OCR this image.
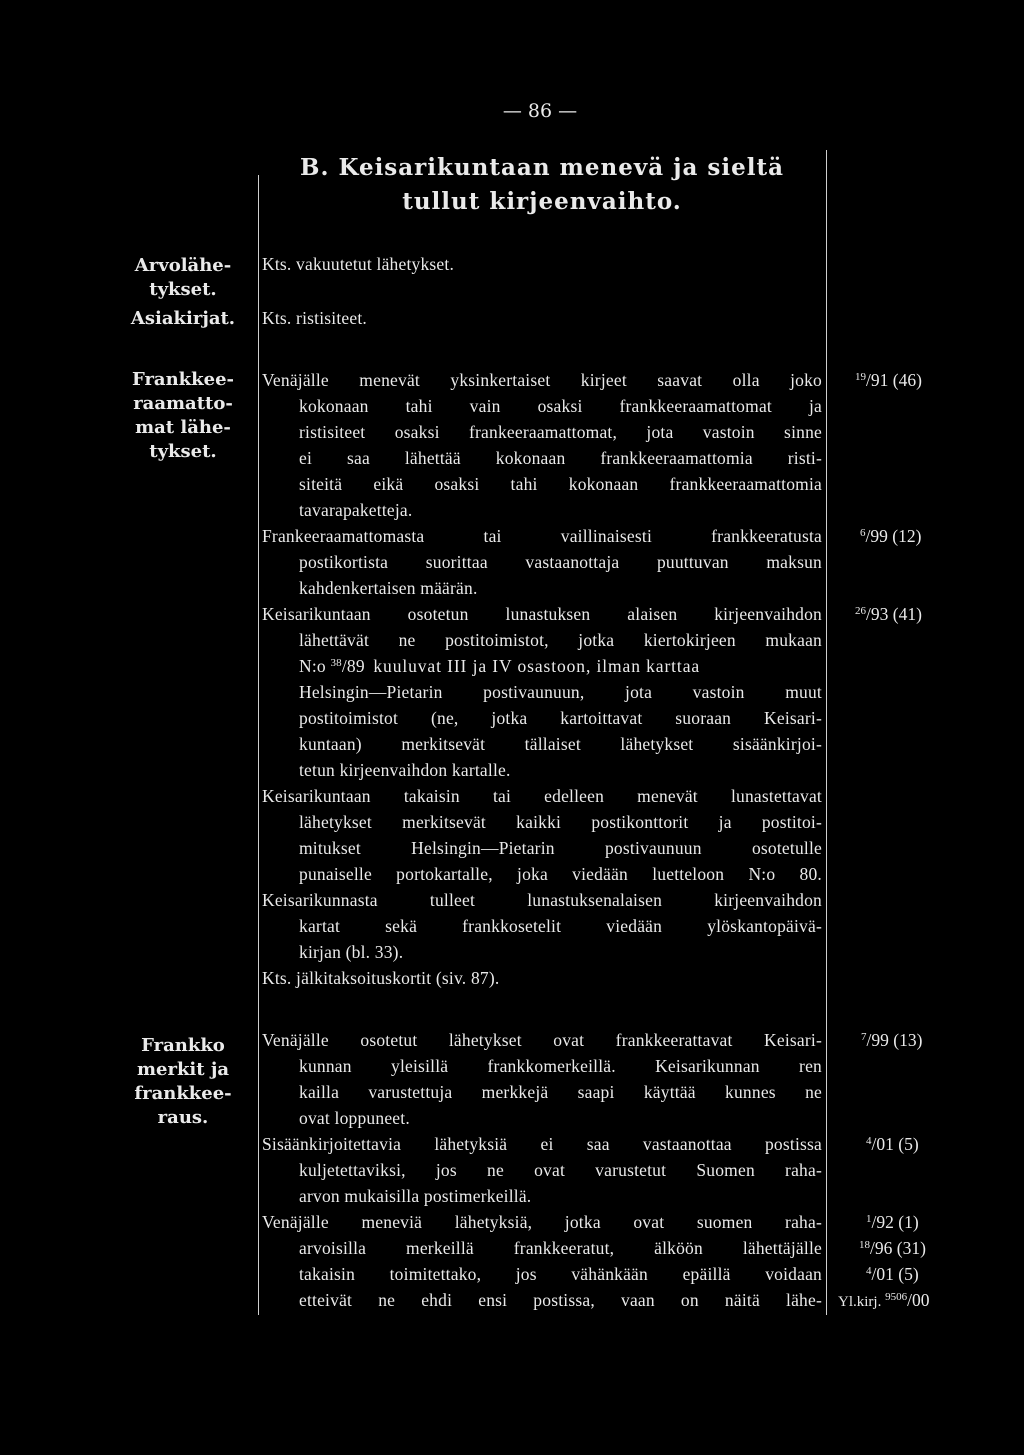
— 86 —
B. Keisarikuntaan menevä ja sieltä
tullut kirjeenvaihto.
Arvolähe-
tykset.
Asiakirjat.
Frankkee-
raamatto-
mat lähe-
tykset.
Frankko
merkit ja
frankkee-
raus.
Kts. vakuutetut lähetykset.
Kts. ristisiteet.
Venäjälle menevät yksinkertaiset kirjeet saavat olla joko
kokonaan tahi vain osaksi frankkeeraamattomat ja
ristisiteet osaksi frankeeraamattomat, jota vastoin sinne
ei saa lähettää kokonaan frankkeeraamattomia risti-
siteitä eikä osaksi tahi kokonaan frankkeeraamattomia
tavarapaketteja.
Frankeeraamattomasta tai vaillinaisesti frankkeeratusta
postikortista suorittaa vastaanottaja puuttuvan maksun
kahdenkertaisen määrän.
Keisarikuntaan osotetun lunastuksen alaisen kirjeenvaihdon
lähettävät ne postitoimistot, jotka kiertokirjeen mukaan
N:o $^{38}$/89 kuuluvat III ja IV osastoon, ilman karttaa
Helsingin—Pietarin postivaunuun, jota vastoin muut
postitoimistot (ne, jotka kartoittavat suoraan Keisari-
kuntaan) merkitsevät tällaiset lähetykset sisäänkirjoi-
tetun kirjeenvaihdon kartalle.
Keisarikuntaan takaisin tai edelleen menevät lunastettavat
lähetykset merkitsevät kaikki postikonttorit ja postitoi-
mitukset Helsingin—Pietarin postivaunuun osotetulle
punaiselle portokartalle, joka viedään luetteloon N:o 80.
Keisarikunnasta tulleet lunastuksenalaisen kirjeenvaihdon
kartat sekä frankkosetelit viedään ylöskantopäivä-
kirjan (bl. 33).
Kts. jälkitaksoituskortit (siv. 87).
Venäjälle osotetut lähetykset ovat frankkeerattavat Keisari-
kunnan yleisillä frankkomerkeillä. Keisarikunnan ren
kailla varustettuja merkkejä saapi käyttää kunnes ne
ovat loppuneet.
Sisäänkirjoitettavia lähetyksiä ei saa vastaanottaa postissa
kuljetettaviksi, jos ne ovat varustetut Suomen raha-
arvon mukaisilla postimerkeillä.
Venäjälle meneviä lähetyksiä, jotka ovat suomen raha-
arvoisilla merkeillä frankkeeratut, älköön lähettäjälle
takaisin toimitettako, jos vähänkään epäillä voidaan
etteivät ne ehdi ensi postissa, vaan on näitä lähe-
$^{19}$/91 (46)
$^6$/99 (12)
$^{26}$/93 (41)
$^7$/99 (13)
$^4$/01 (5)
$^1$/92 (1)
$^{18}$/96 (31)
$^4$/01 (5)
Yl.kirj. $^{9506}$/00
